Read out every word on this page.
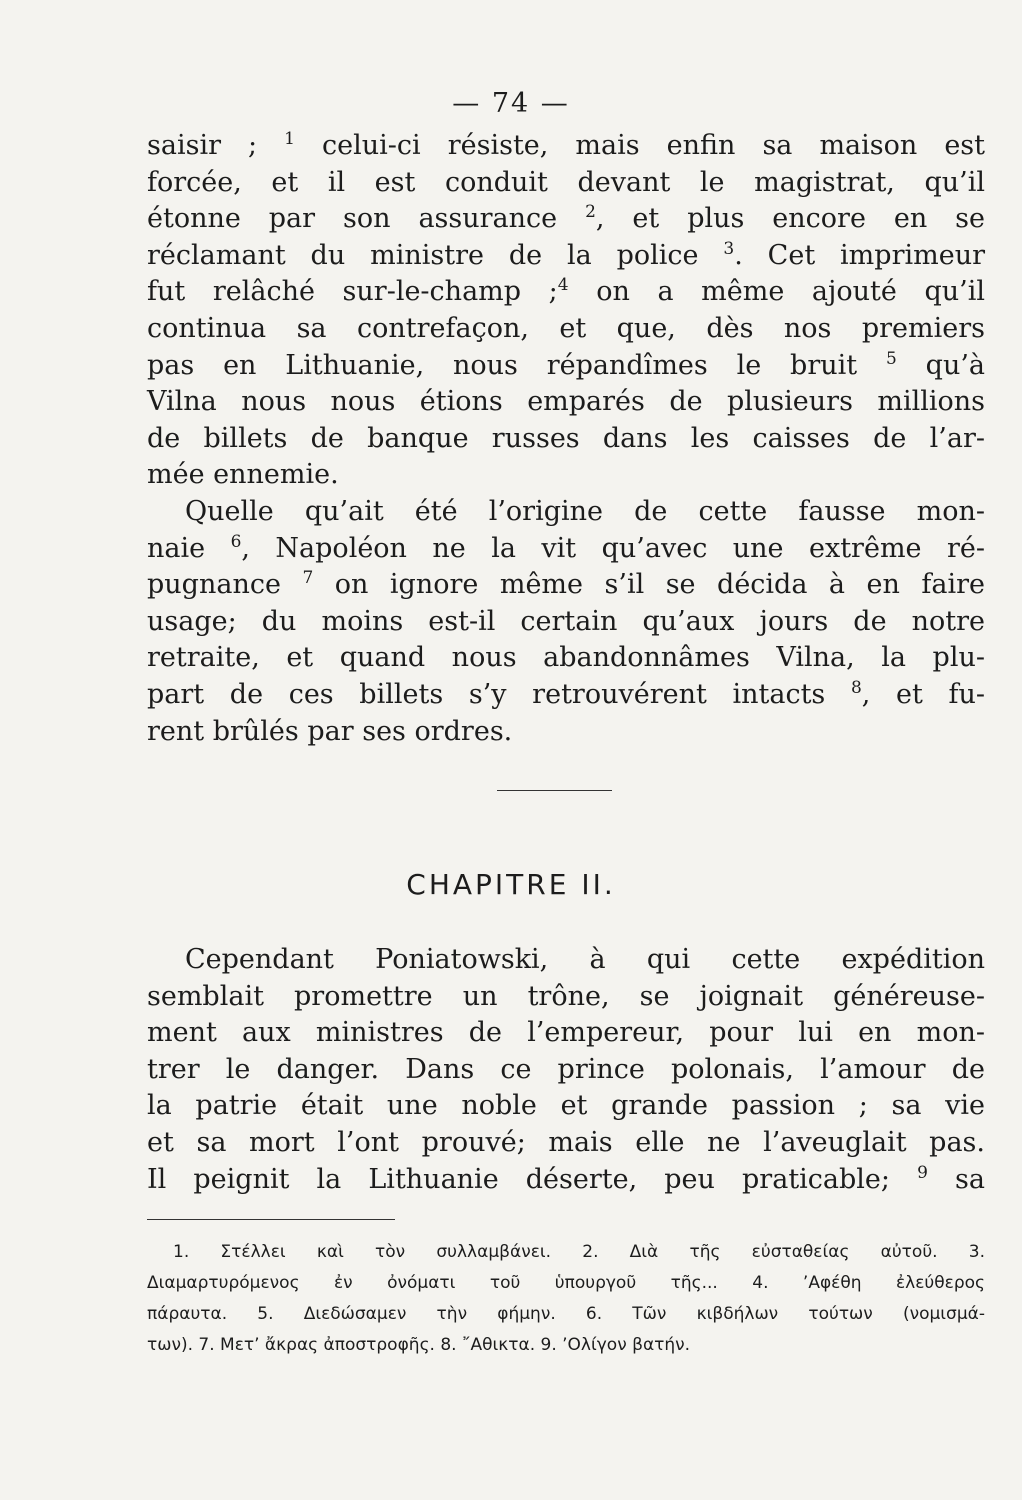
— 74 —
saisir ; $^1$ celui-ci résiste, mais enfin sa maison est
forcée, et il est conduit devant le magistrat, qu’il
étonne par son assurance $^2$, et plus encore en se
réclamant du ministre de la police $^3$. Cet imprimeur
fut relâché sur-le-champ ;$^4$ on a même ajouté qu’il
continua sa contrefaçon, et que, dès nos premiers
pas en Lithuanie, nous répandîmes le bruit $^5$ qu’à
Vilna nous nous étions emparés de plusieurs millions
de billets de banque russes dans les caisses de l’ar-
mée ennemie.
Quelle qu’ait été l’origine de cette fausse mon-
naie $^6$, Napoléon ne la vit qu’avec une extrême ré-
pugnance $^7$ on ignore même s’il se décida à en faire
usage; du moins est-il certain qu’aux jours de notre
retraite, et quand nous abandonnâmes Vilna, la plu-
part de ces billets s’y retrouvérent intacts $^8$, et fu-
rent brûlés par ses ordres.
CHAPITRE II.
Cependant Poniatowski, à qui cette expédition
semblait promettre un trône, se joignait généreuse-
ment aux ministres de l’empereur, pour lui en mon-
trer le danger. Dans ce prince polonais, l’amour de
la patrie était une noble et grande passion ; sa vie
et sa mort l’ont prouvé; mais elle ne l’aveuglait pas.
Il peignit la Lithuanie déserte, peu praticable; $^9$ sa
1. Στέλλει καὶ τὸν συλλαμβάνει. 2. Διὰ τῆς εὐσταθείας αὐτοῦ. 3.
Διαμαρτυρόμενος ἐν ὀνόματι τοῦ ὑπουργοῦ τῆς... 4. ’Αφέθη ἐλεύθερος
πάραυτα. 5. Διεδώσαμεν τὴν φήμην. 6. Τῶν κιβδήλων τούτων (νομισμά-
των). 7. Μετ’ ἄκρας ἀποστροφῆς. 8. ῎Αθικτα. 9. ’Ολίγον βατήν.
